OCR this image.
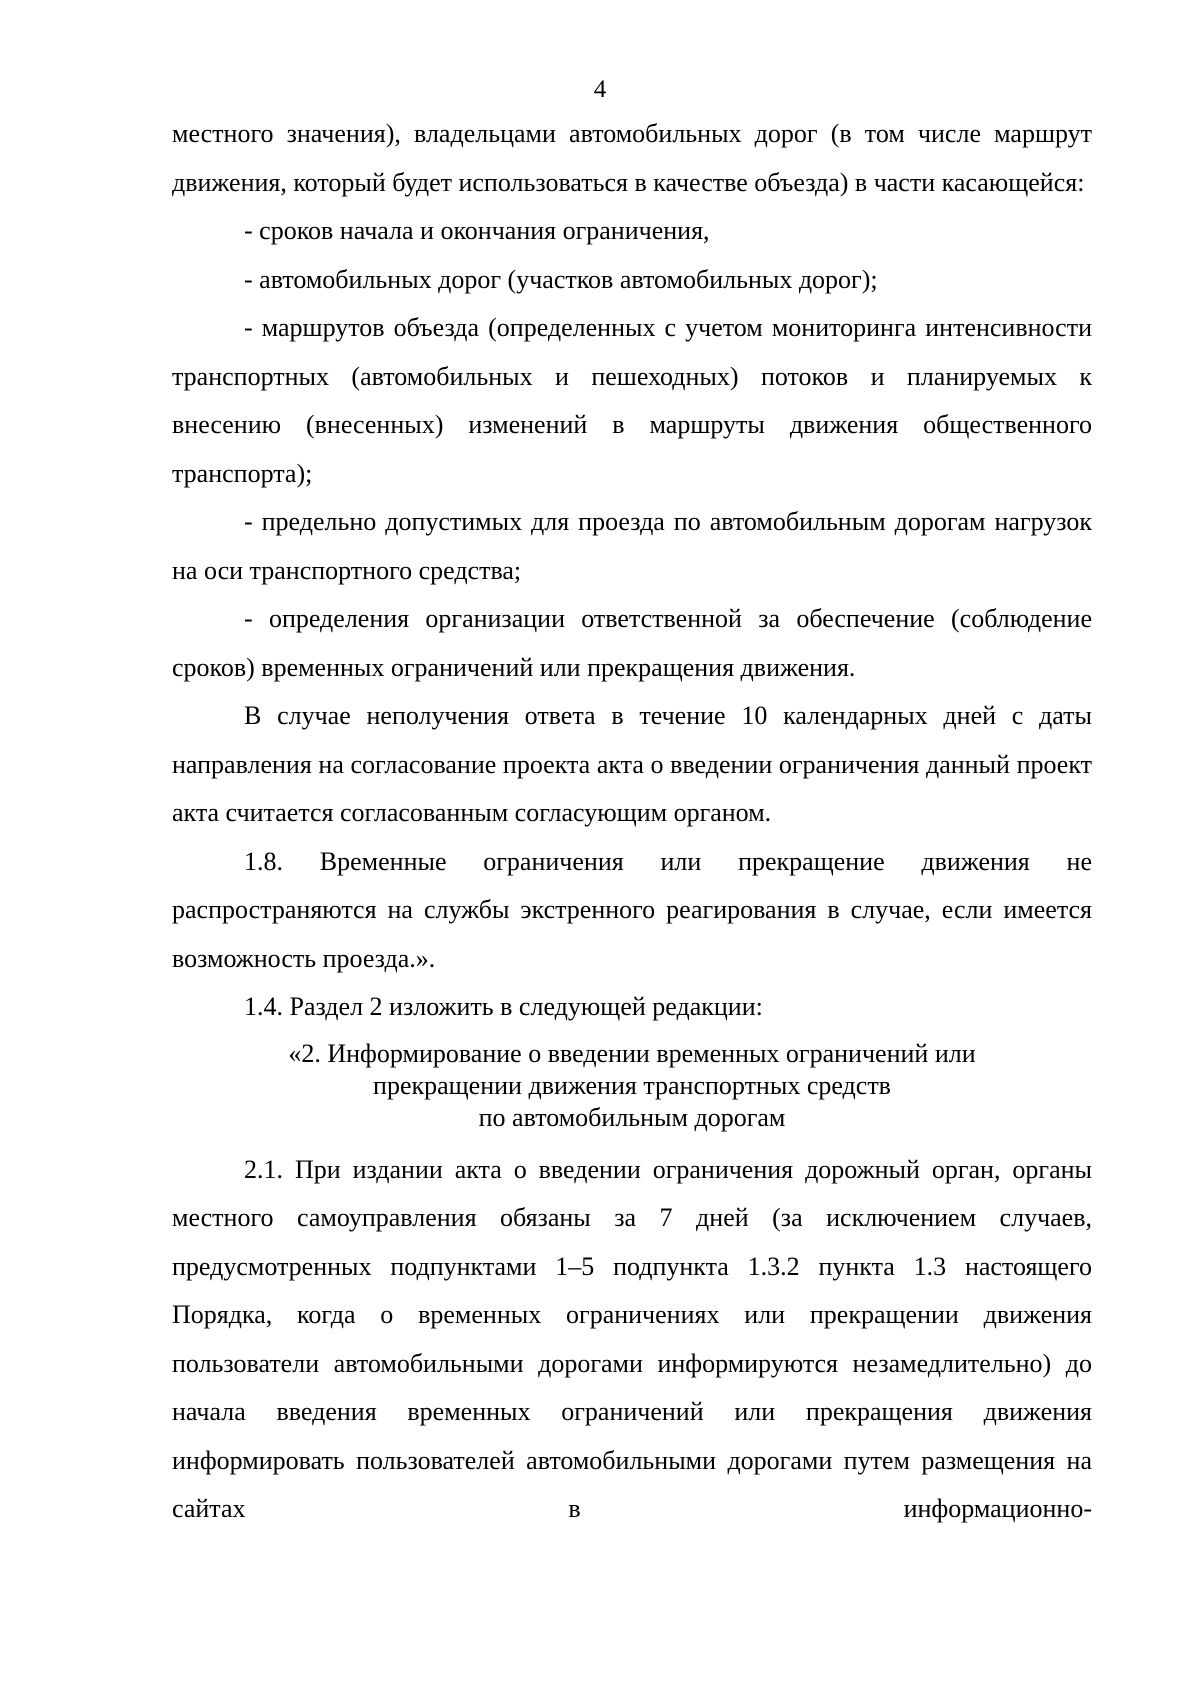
4

местного значения), владельцами автомобильных дорог (в том числе маршрут движения, который будет использоваться в качестве объезда) в части касающейся:

- сроков начала и окончания ограничения,

- автомобильных дорог (участков автомобильных дорог);

- маршрутов объезда (определенных с учетом мониторинга интенсивности транспортных (автомобильных и пешеходных) потоков и планируемых к внесению (внесенных) изменений в маршруты движения общественного транспорта);

- предельно допустимых для проезда по автомобильным дорогам нагрузок на оси транспортного средства;

- определения организации ответственной за обеспечение (соблюдение сроков) временных ограничений или прекращения движения.

В случае неполучения ответа в течение 10 календарных дней с даты направления на согласование проекта акта о введении ограничения данный проект акта считается согласованным согласующим органом.

1.8. Временные ограничения или прекращение движения не распространяются на службы экстренного реагирования в случае, если имеется возможность проезда.».

1.4. Раздел 2 изложить в следующей редакции:

«2. Информирование о введении временных ограничений или
прекращении движения транспортных средств
по автомобильным дорогам

2.1. При издании акта о введении ограничения дорожный орган, органы местного самоуправления обязаны за 7 дней (за исключением случаев, предусмотренных подпунктами 1–5 подпункта 1.3.2 пункта 1.3 настоящего Порядка, когда о временных ограничениях или прекращении движения пользователи автомобильными дорогами информируются незамедлительно) до начала введения временных ограничений или прекращения движения информировать пользователей автомобильными дорогами путем размещения на сайтах в информационно-
